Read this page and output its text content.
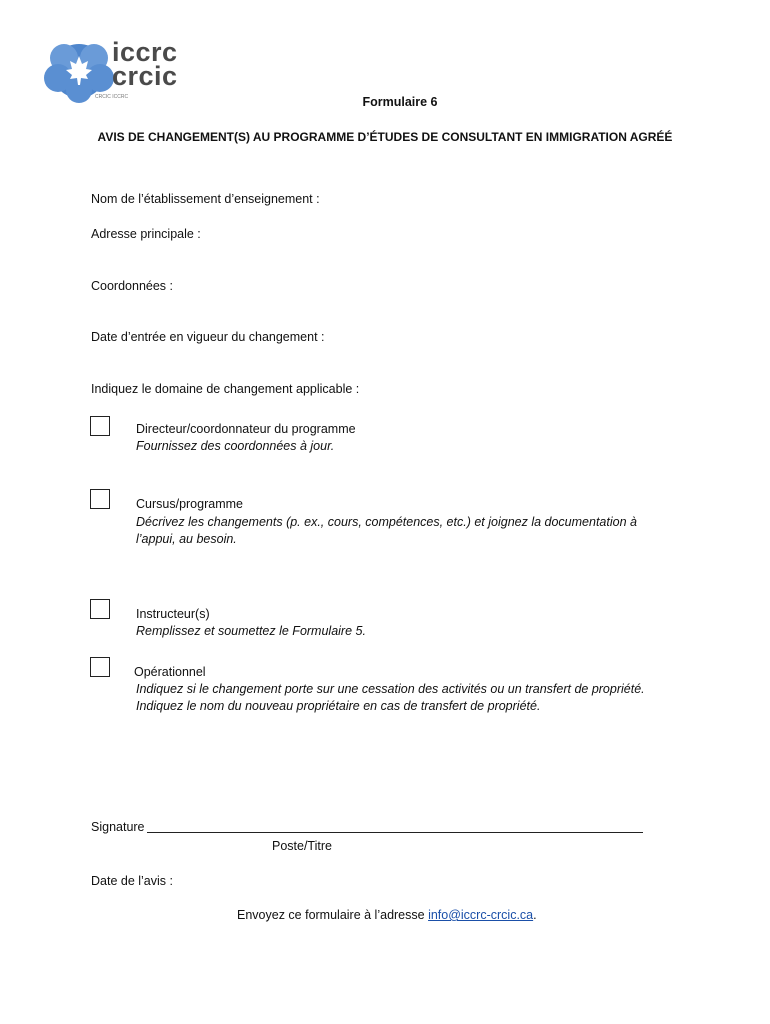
iccrc
crcic
CRCIC ICCRC	Formulaire 6
AVIS DE CHANGEMENT(S) AU PROGRAMME D’ÉTUDES DE CONSULTANT EN IMMIGRATION AGRÉÉ
Nom de l’établissement d’enseignement :
Adresse principale :
Coordonnées :
Date d’entrée en vigueur du changement :
Indiquez le domaine de changement applicable :
Directeur/coordonnateur du programme
Fournissez des coordonnées à jour.
Cursus/programme
Décrivez les changements (p. ex., cours, compétences, etc.) et joignez la documentation à
l’appui, au besoin.
Instructeur(s)
Remplissez et soumettez le Formulaire 5.
Opérationnel
Indiquez si le changement porte sur une cessation des activités ou un transfert de propriété.
Indiquez le nom du nouveau propriétaire en cas de transfert de propriété.
Signature
Poste/Titre
Date de l’avis :
Envoyez ce formulaire à l’adresse info@iccrc-crcic.ca.
